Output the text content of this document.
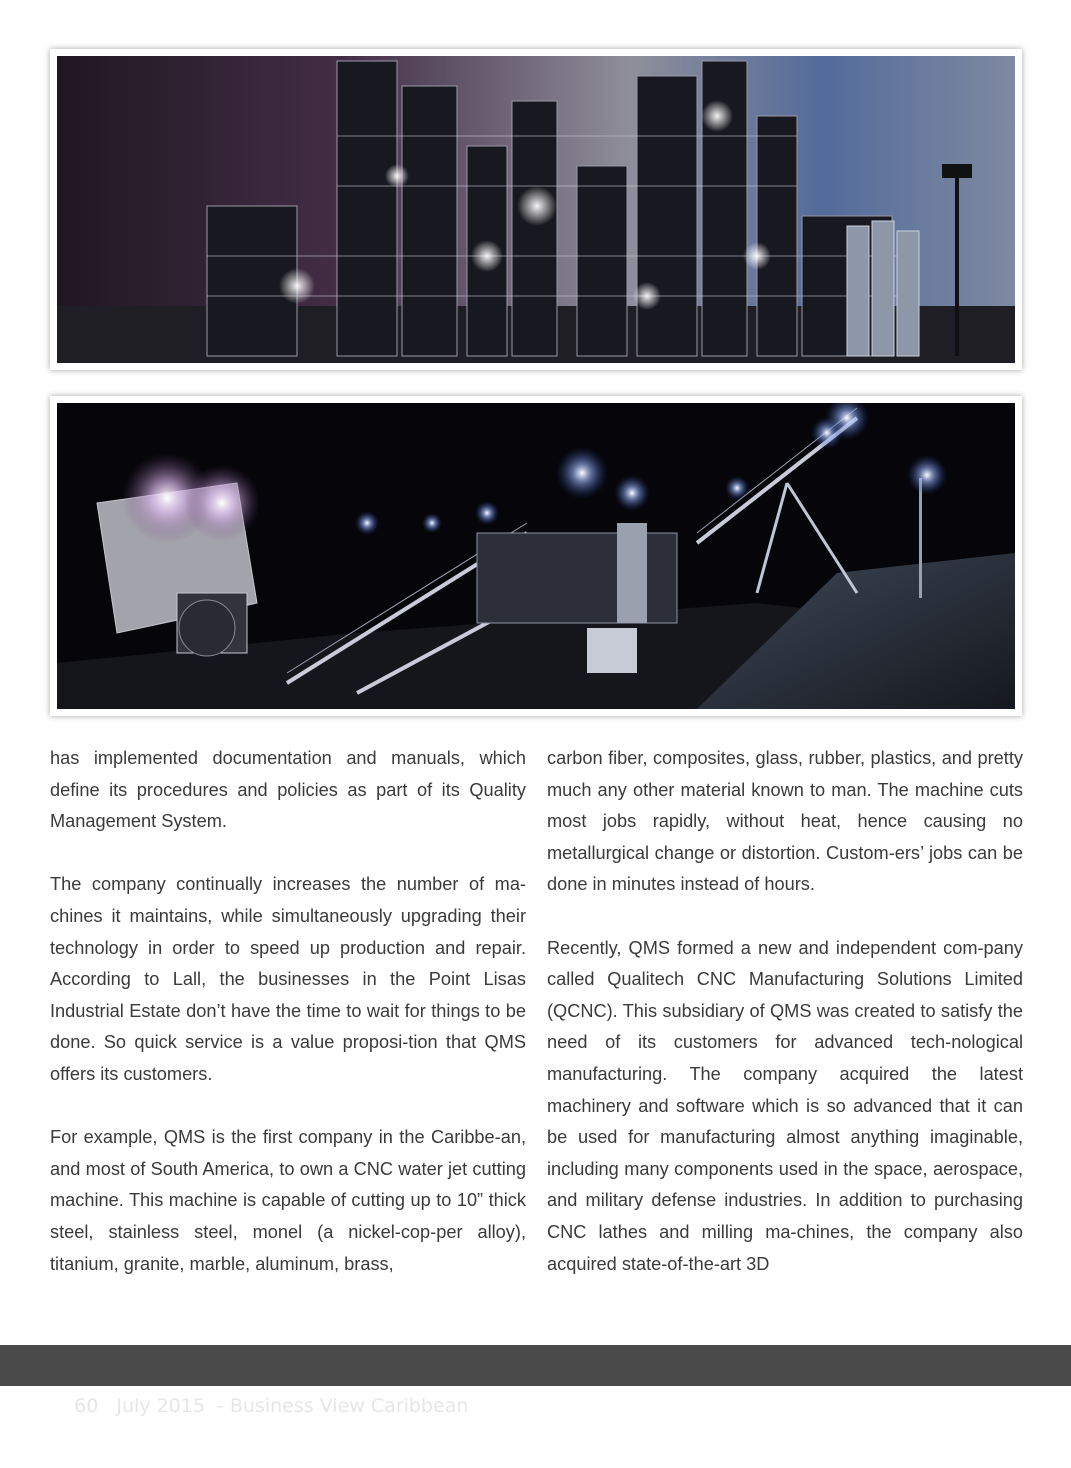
has implemented documentation and manuals, which define its procedures and policies as part of its Quality Management System.

The company continually increases the number of ma-chines it maintains, while simultaneously upgrading their technology in order to speed up production and repair. According to Lall, the businesses in the Point Lisas Industrial Estate don’t have the time to wait for things to be done. So quick service is a value proposi-tion that QMS offers its customers.

For example, QMS is the first company in the Caribbe-an, and most of South America, to own a CNC water jet cutting machine. This machine is capable of cutting up to 10” thick steel, stainless steel, monel (a nickel-cop-per alloy), titanium, granite, marble, aluminum, brass,

carbon fiber, composites, glass, rubber, plastics, and pretty much any other material known to man. The machine cuts most jobs rapidly, without heat, hence causing no metallurgical change or distortion. Custom-ers’ jobs can be done in minutes instead of hours.

Recently, QMS formed a new and independent com-pany called Qualitech CNC Manufacturing Solutions Limited (QCNC). This subsidiary of QMS was created to satisfy the need of its customers for advanced tech-nological manufacturing. The company acquired the latest machinery and software which is so advanced that it can be used for manufacturing almost anything imaginable, including many components used in the space, aerospace, and military defense industries. In addition to purchasing CNC lathes and milling ma-chines, the company also acquired state-of-the-art 3D

60 July 2015  - Business View Caribbean
